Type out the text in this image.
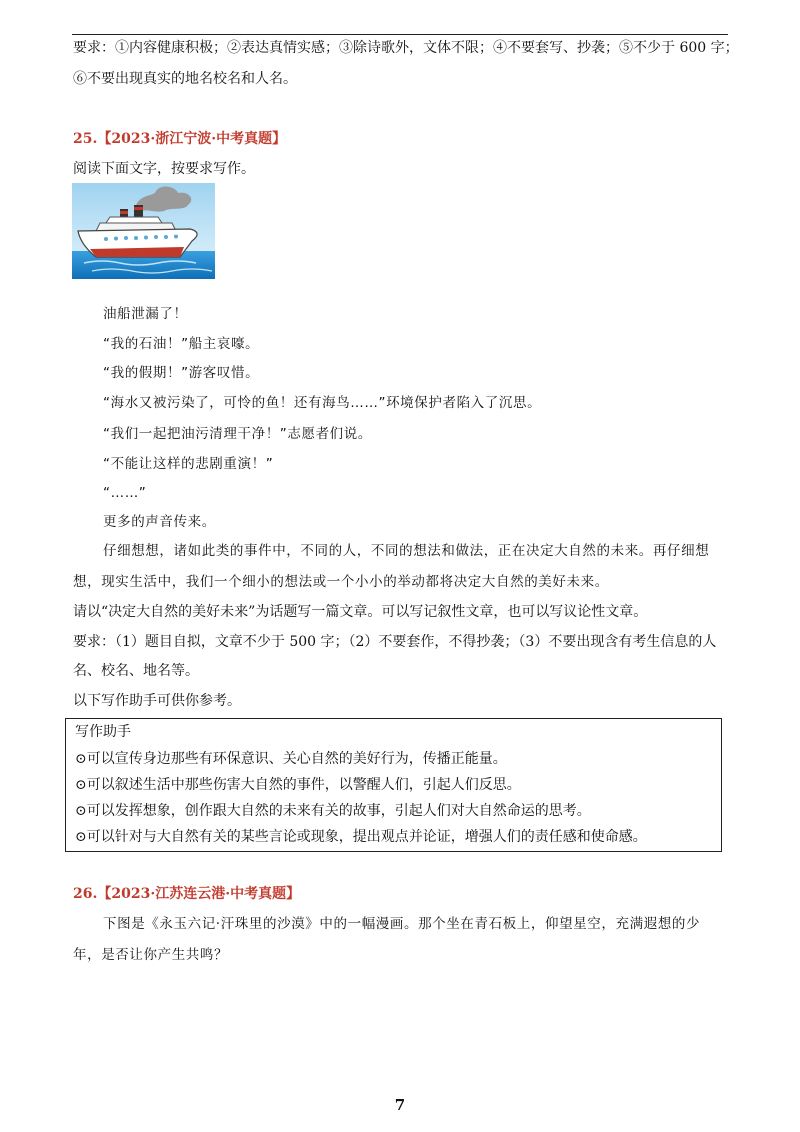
要求：①内容健康积极；②表达真情实感；③除诗歌外，文体不限；④不要套写、抄袭；⑤不少于 600 字；
⑥不要出现真实的地名校名和人名。
25.【2023·浙江宁波·中考真题】
阅读下面文字，按要求写作。
油船泄漏了！
“我的石油！”船主哀嚎。
“我的假期！”游客叹惜。
“海水又被污染了，可怜的鱼！还有海鸟……”环境保护者陷入了沉思。
“我们一起把油污清理干净！”志愿者们说。
“不能让这样的悲剧重演！”
“……”
更多的声音传来。
仔细想想，诸如此类的事件中，不同的人，不同的想法和做法，正在决定大自然的未来。再仔细想
想，现实生活中，我们一个细小的想法或一个小小的举动都将决定大自然的美好未来。
请以“决定大自然的美好未来”为话题写一篇文章。可以写记叙性文章，也可以写议论性文章。
要求：（1）题目自拟，文章不少于 500 字；（2）不要套作，不得抄袭；（3）不要出现含有考生信息的人
名、校名、地名等。
以下写作助手可供你参考。
写作助手
⊙可以宣传身边那些有环保意识、关心自然的美好行为，传播正能量。
⊙可以叙述生活中那些伤害大自然的事件，以警醒人们，引起人们反思。
⊙可以发挥想象，创作跟大自然的未来有关的故事，引起人们对大自然命运的思考。
⊙可以针对与大自然有关的某些言论或现象，提出观点并论证，增强人们的责任感和使命感。
26.【2023·江苏连云港·中考真题】
下图是《永玉六记·汗珠里的沙漠》中的一幅漫画。那个坐在青石板上，仰望星空，充满遐想的少
年，是否让你产生共鸣？
7
